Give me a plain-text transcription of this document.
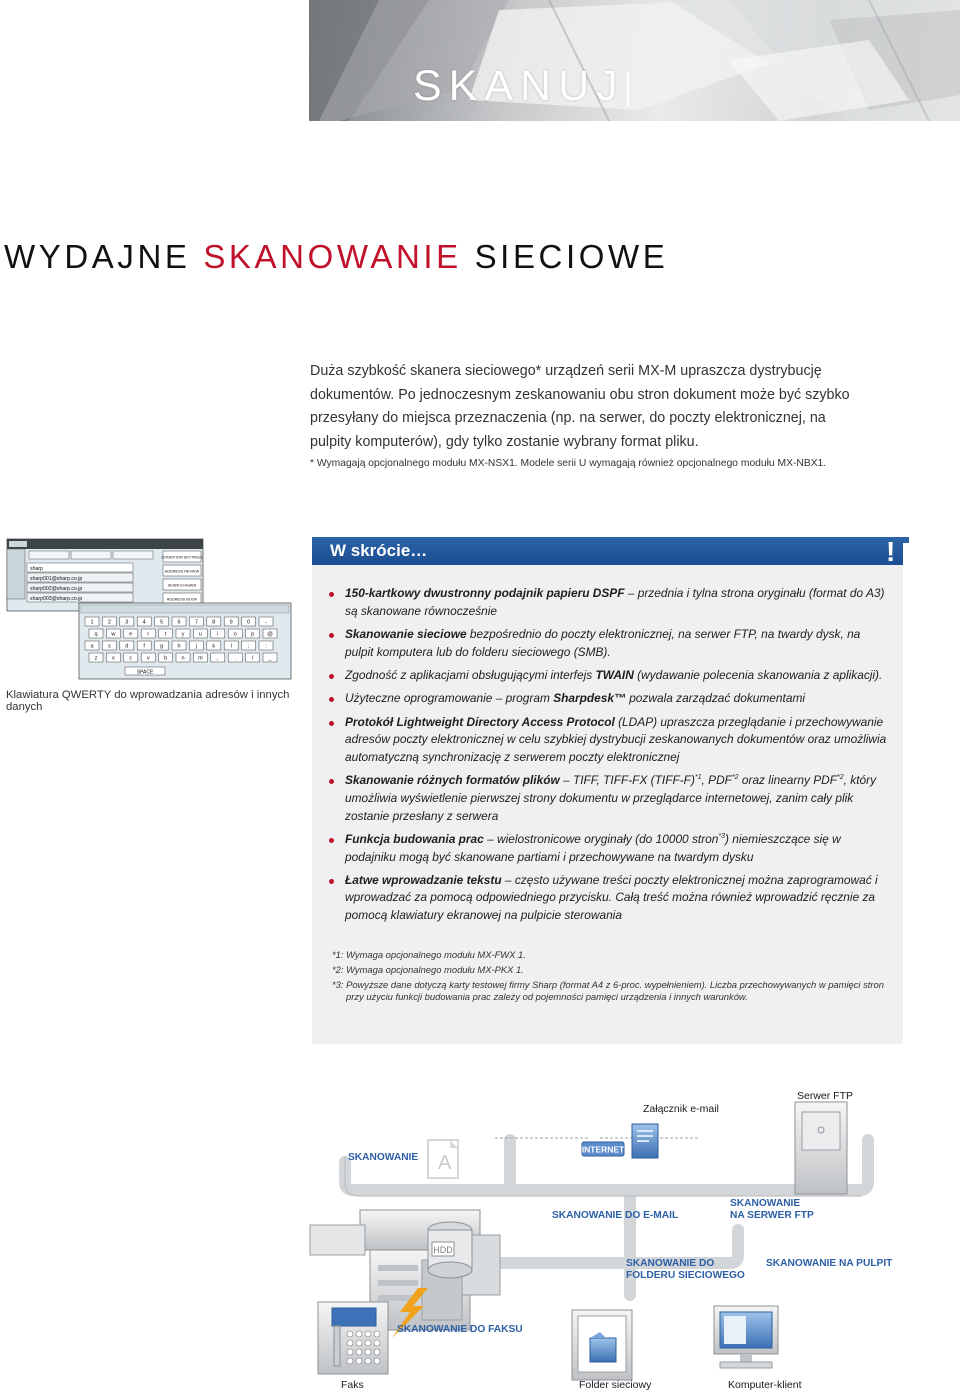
SKANUJ
WYDAJNE SKANOWANIE SIECIOWE
Duża szybkość skanera sieciowego* urządzeń serii MX-M upraszcza dystrybucję dokumentów. Po jednoczesnym zeskanowaniu obu stron dokument może być szybko przesyłany do miejsca przeznaczenia (np. na serwer, do poczty elektronicznej, na pulpity komputerów), gdy tylko zostanie wybrany format pliku.
* Wymagają opcjonalnego modułu MX-NSX1. Modele serii U wymagają również opcjonalnego modułu MX-NBX1.
sharp
sharp001@sharp.co.jp
sharp002@sharp.co.jp
sharp003@sharp.co.jp
CONDITION SETTINGS
ADDRESS REVIEW
SEARCH AGAIN
ADDRESS BOOK
1	2	3	4	5	6	7	8	9	0	-
q	w	e	r	t	y	u	i	o	p @
a	s	d	f	g	h	j	k	l	;	:
z	x	c	v	b	n m	,	.	/	_
SPACE
Klawiatura QWERTY do wprowadzania adresów i innych danych
W skrócie…	!
150-kartkowy dwustronny podajnik papieru DSPF – przednia i tylna strona oryginału (format do A3) są skanowane równocześnie
Skanowanie sieciowe bezpośrednio do poczty elektronicznej, na serwer FTP, na twardy dysk, na pulpit komputera lub do folderu sieciowego (SMB).
Zgodność z aplikacjami obsługującymi interfejs TWAIN (wydawanie polecenia skanowania z aplikacji).
Użyteczne oprogramowanie – program Sharpdesk™ pozwala zarządzać dokumentami
Protokół Lightweight Directory Access Protocol (LDAP) upraszcza przeglądanie i przechowywanie adresów poczty elektronicznej w celu szybkiej dystrybucji zeskanowanych dokumentów oraz umożliwia automatyczną synchronizację z serwerem poczty elektronicznej
Skanowanie różnych formatów plików – TIFF, TIFF-FX (TIFF-F)$^{*1}$, PDF$^{*2}$ oraz linearny PDF$^{*2}$, który umożliwia wyświetlenie pierwszej strony dokumentu w przeglądarce internetowej, zanim cały plik zostanie przesłany z serwera
Funkcja budowania prac – wielostronicowe oryginały (do 10000 stron$^{*3}$) niemieszczące się w podajniku mogą być skanowane partiami i przechowywane na twardym dysku
Łatwe wprowadzanie tekstu – często używane treści poczty elektronicznej można zaprogramować i wprowadzać za pomocą odpowiedniego przycisku. Całą treść można również wprowadzić ręcznie za pomocą klawiatury ekranowej na pulpicie sterowania
*1: Wymaga opcjonalnego modułu MX-FWX 1.
*2: Wymaga opcjonalnego modułu MX-PKX 1.
*3: Powyższe dane dotyczą karty testowej firmy Sharp (format A4 z 6-proc. wypełnieniem). Liczba przechowywanych w pamięci stron przy użyciu funkcji budowania prac zależy od pojemności pamięci urządzenia i innych warunków.
A
INTERNET
HDD
Serwer FTP
Załącznik e-mail
SKANOWANIE
SKANOWANIE DO E-MAIL
SKANOWANIE
NA SERWER FTP
SKANOWANIE DO
FOLDERU SIECIOWEGO
SKANOWANIE NA PULPIT
SKANOWANIE DO FAKSU
Faks	Folder sieciowy	Komputer-klient
